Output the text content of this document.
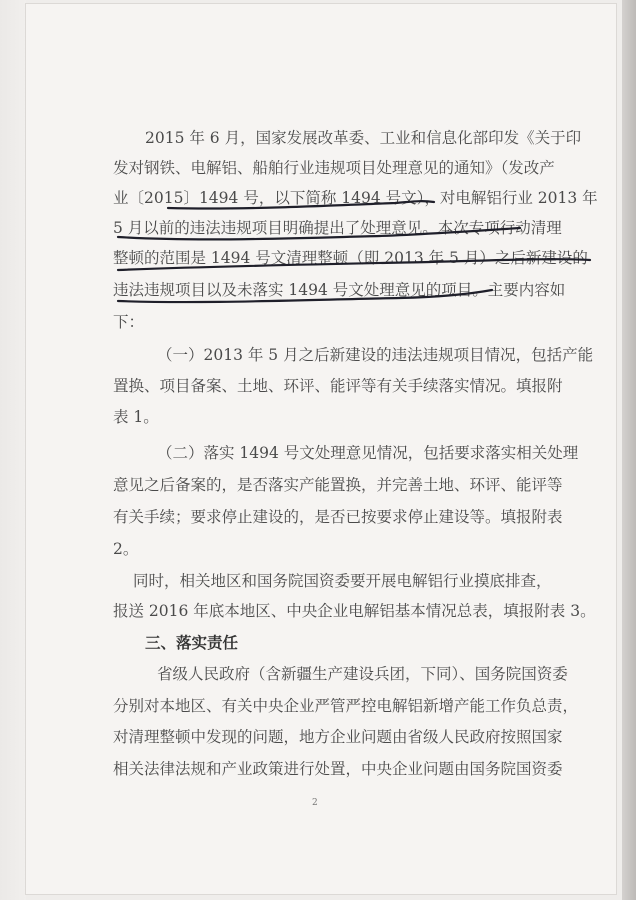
2015 年 6 月，国家发展改革委、工业和信息化部印发《关于印
发对钢铁、电解铝、船舶行业违规项目处理意见的通知》（发改产
业〔2015〕1494 号，以下简称 1494 号文），对电解铝行业 2013 年
5 月以前的违法违规项目明确提出了处理意见。本次专项行动清理
整顿的范围是 1494 号文清理整顿（即 2013 年 5 月）之后新建设的
违法违规项目以及未落实 1494 号文处理意见的项目。主要内容如
下：
（一）2013 年 5 月之后新建设的违法违规项目情况，包括产能
置换、项目备案、土地、环评、能评等有关手续落实情况。填报附
表 1。
（二）落实 1494 号文处理意见情况，包括要求落实相关处理
意见之后备案的，是否落实产能置换，并完善土地、环评、能评等
有关手续；要求停止建设的，是否已按要求停止建设等。填报附表
2。
同时，相关地区和国务院国资委要开展电解铝行业摸底排查，
报送 2016 年底本地区、中央企业电解铝基本情况总表，填报附表 3。
三、落实责任
省级人民政府（含新疆生产建设兵团，下同）、国务院国资委
分别对本地区、有关中央企业严管严控电解铝新增产能工作负总责，
对清理整顿中发现的问题，地方企业问题由省级人民政府按照国家
相关法律法规和产业政策进行处置，中央企业问题由国务院国资委
2
